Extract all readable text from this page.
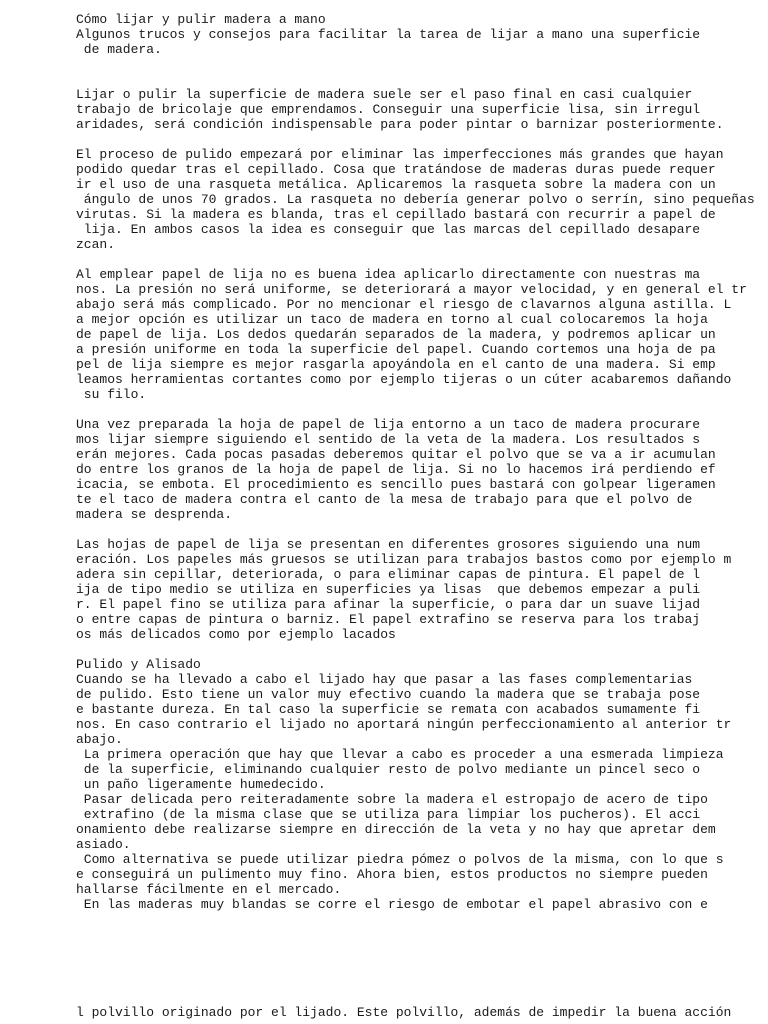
Cómo lijar y pulir madera a mano
Algunos trucos y consejos para facilitar la tarea de lijar a mano una superficie
de madera.
Lijar o pulir la superficie de madera suele ser el paso final en casi cualquier
trabajo de bricolaje que emprendamos. Conseguir una superficie lisa, sin irregul
aridades, será condición indispensable para poder pintar o barnizar posteriormente.
El proceso de pulido empezará por eliminar las imperfecciones más grandes que hayan
podido quedar tras el cepillado. Cosa que tratándose de maderas duras puede requer
ir el uso de una rasqueta metálica. Aplicaremos la rasqueta sobre la madera con un
ángulo de unos 70 grados. La rasqueta no debería generar polvo o serrín, sino pequeñas
virutas. Si la madera es blanda, tras el cepillado bastará con recurrir a papel de
lija. En ambos casos la idea es conseguir que las marcas del cepillado desapare
zcan.
Al emplear papel de lija no es buena idea aplicarlo directamente con nuestras ma
nos. La presión no será uniforme, se deteriorará a mayor velocidad, y en general el tr
abajo será más complicado. Por no mencionar el riesgo de clavarnos alguna astilla. L
a mejor opción es utilizar un taco de madera en torno al cual colocaremos la hoja
de papel de lija. Los dedos quedarán separados de la madera, y podremos aplicar un
a presión uniforme en toda la superficie del papel. Cuando cortemos una hoja de pa
pel de lija siempre es mejor rasgarla apoyándola en el canto de una madera. Si emp
leamos herramientas cortantes como por ejemplo tijeras o un cúter acabaremos dañando
su filo.
Una vez preparada la hoja de papel de lija entorno a un taco de madera procurare
mos lijar siempre siguiendo el sentido de la veta de la madera. Los resultados s
erán mejores. Cada pocas pasadas deberemos quitar el polvo que se va a ir acumulan
do entre los granos de la hoja de papel de lija. Si no lo hacemos irá perdiendo ef
icacia, se embota. El procedimiento es sencillo pues bastará con golpear ligeramen
te el taco de madera contra el canto de la mesa de trabajo para que el polvo de
madera se desprenda.
Las hojas de papel de lija se presentan en diferentes grosores siguiendo una num
eración. Los papeles más gruesos se utilizan para trabajos bastos como por ejemplo m
adera sin cepillar, deteriorada, o para eliminar capas de pintura. El papel de l
ija de tipo medio se utiliza en superficies ya lisas  que debemos empezar a puli
r. El papel fino se utiliza para afinar la superficie, o para dar un suave lijad
o entre capas de pintura o barniz. El papel extrafino se reserva para los trabaj
os más delicados como por ejemplo lacados
Pulido y Alisado
Cuando se ha llevado a cabo el lijado hay que pasar a las fases complementarias
de pulido. Esto tiene un valor muy efectivo cuando la madera que se trabaja pose
e bastante dureza. En tal caso la superficie se remata con acabados sumamente fi
nos. En caso contrario el lijado no aportará ningún perfeccionamiento al anterior tr
abajo.
La primera operación que hay que llevar a cabo es proceder a una esmerada limpieza
de la superficie, eliminando cualquier resto de polvo mediante un pincel seco o
un paño ligeramente humedecido.
Pasar delicada pero reiteradamente sobre la madera el estropajo de acero de tipo
extrafino (de la misma clase que se utiliza para limpiar los pucheros). El acci
onamiento debe realizarse siempre en dirección de la veta y no hay que apretar dem
asiado.
Como alternativa se puede utilizar piedra pómez o polvos de la misma, con lo que s
e conseguirá un pulimento muy fino. Ahora bien, estos productos no siempre pueden
hallarse fácilmente en el mercado.
En las maderas muy blandas se corre el riesgo de embotar el papel abrasivo con e
l polvillo originado por el lijado. Este polvillo, además de impedir la buena acción
